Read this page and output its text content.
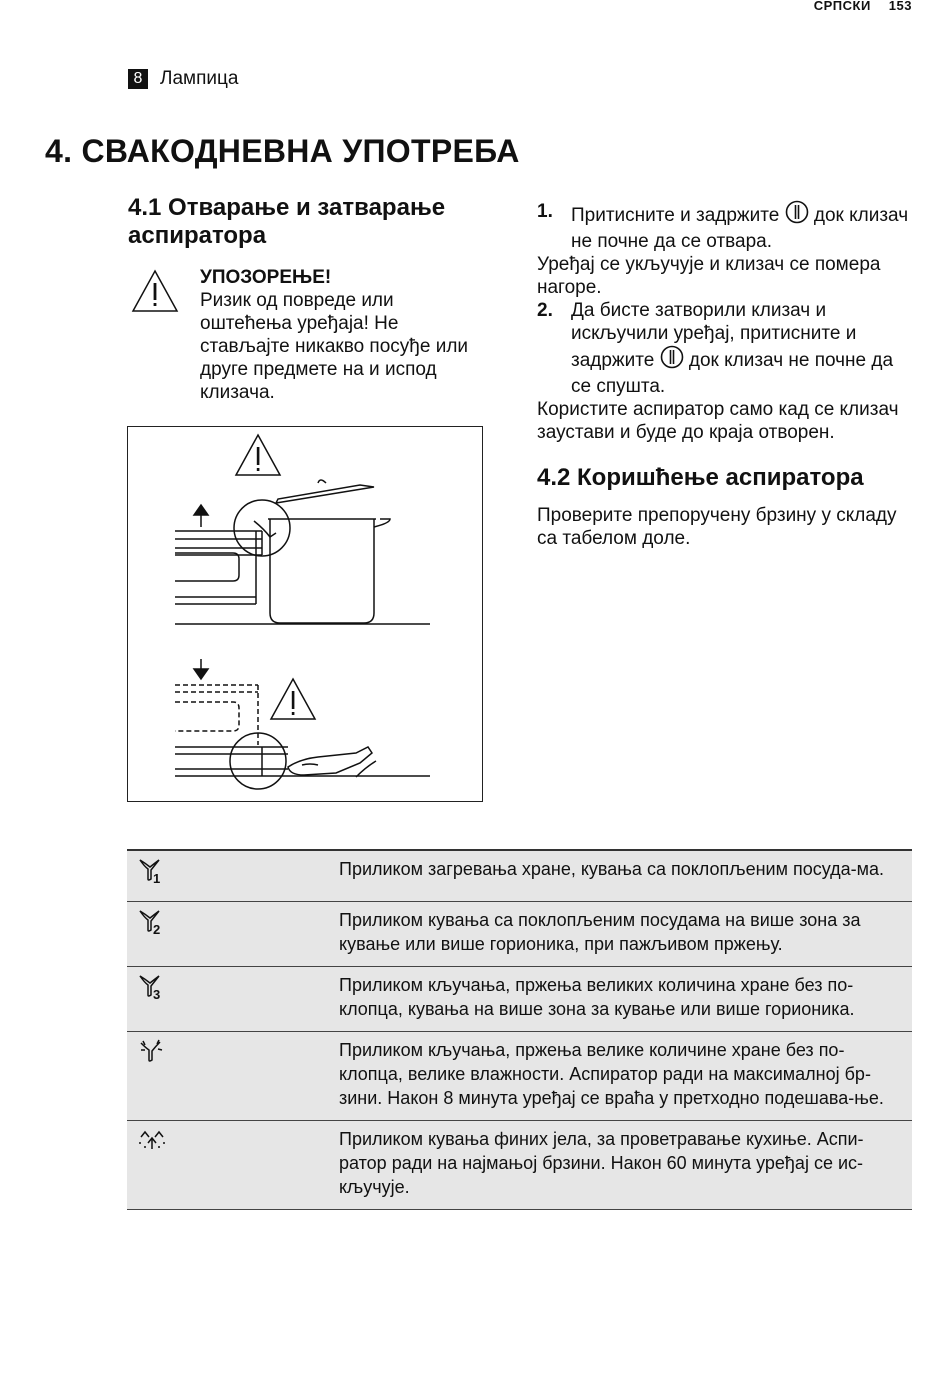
СРПСКИ 153
8 Лампица
4. СВАКОДНЕВНА УПОТРЕБА
4.1 Отварање и затварање аспиратора
УПОЗОРЕЊЕ!
Ризик од повреде или оштећења уређаја! Не стављајте никакво посуђе или друге предмете на и испод клизача.
1. Притисните и задржите док клизач не почне да се отвара.
Уређај се укључује и клизач се помера нагоре.
2. Да бисте затворили клизач и искључили уређај, притисните и задржите док клизач не почне да се спушта.
Користите аспиратор само кад се клизач заустави и буде до краја отворен.
4.2 Коришћење аспиратора
Проверите препоручену брзину у складу са табелом доле.
1	Приликом загревања хране, кувања са поклопљеним посуда-ма.

2	Приликом кувања са поклопљеним посудама на више зона за кување или више горионика, при пажљивом пржењу.

3	Приликом кључања, пржења великих количина хране без по-клопца, кувања на више зона за кување или више горионика.
	Приликом кључања, пржења велике количине хране без по-клопца, велике влажности. Аспиратор ради на максималној бр-зини. Након 8 минута уређај се враћа у претходно подешава-ње.
	Приликом кувања финих јела, за проветравање кухиње. Аспи-ратор ради на најмањој брзини. Након 60 минута уређај се ис-кључује.
